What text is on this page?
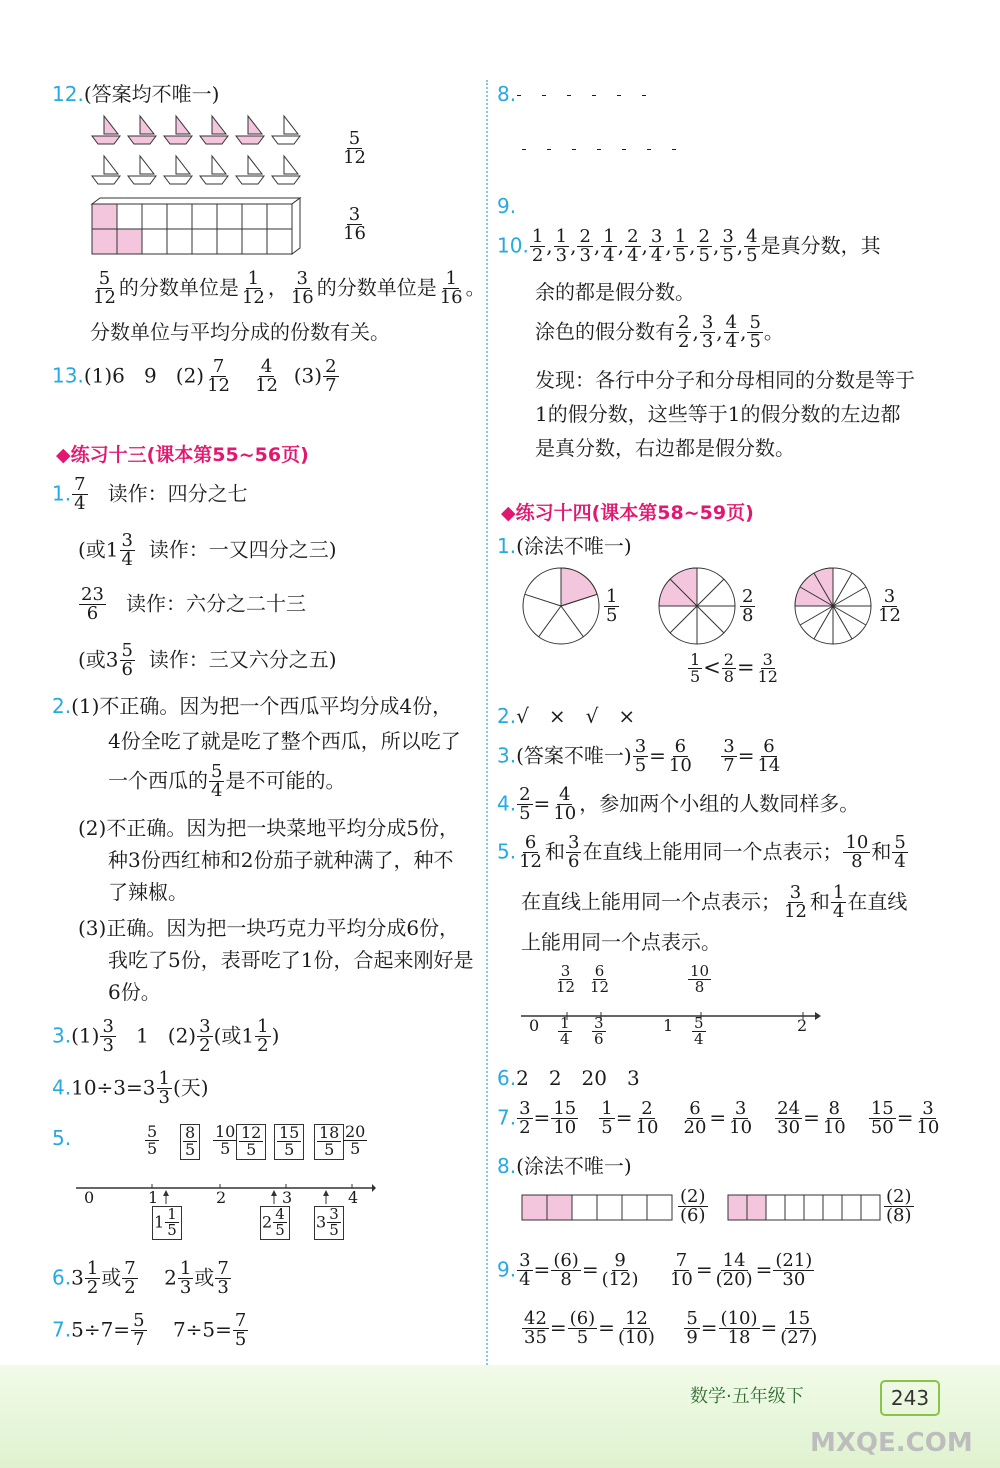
12.(答案均不唯一)
$\frac{5}{12}$
$\frac{3}{16}$
$\frac{5}{12}$ 的分数单位是 $\frac{1}{12}$ ， $\frac{3}{16}$ 的分数单位是 $\frac{1}{16}$ 。
分数单位与平均分成的份数有关。
13.(1)6 9 $(2) \frac{7}{12}$
$\frac{4}{12} (3) \frac{2}{7}$
◆练习十三(课本第55~56页)
1. $\frac{7}{4}$ 读作：四分之七
(或$1 \frac{3}{4}$ 读作：一又四分之三)
$\frac{23}{6}$ 读作：六分之二十三
(或$3 \frac{5}{6}$ 读作：三又六分之五)
2.(1)不正确。因为把一个西瓜平均分成4份，
4份全吃了就是吃了整个西瓜，所以吃了
一个西瓜的 $\frac{5}{4}$ 是不可能的。
(2)不正确。因为把一块菜地平均分成5份，
种3份西红柿和2份茄子就种满了，种不
了辣椒。
(3)正确。因为把一块巧克力平均分成6份，
我吃了5份，表哥吃了1份，合起来刚好是
6份。
$3.(1) \frac{3}{3} 1$ $(2) \frac{3}{2}$ (或$1 \frac{1}{2}$ )
$4.10\div 3=3 \frac{1}{3}$ (天)
5.
0	1	2	3	4
$\frac{5}{5} \frac{8}{5} \frac{10}{5} \frac{12}{5} \frac{15}{5} \frac{18}{5} \frac{20}{5}$
$1 \frac{1}{5}$	$2 \frac{4}{5} 3 \frac{3}{5}$
$6.3 \frac{1}{2}$ 或 $\frac{7}{2} 2 \frac{1}{3}$ 或 $\frac{7}{3}$
$7.5\div 7= \frac{5}{7} 7\div 5= \frac{7}{5}$
8.

9.
10. $\frac{1}{2}$ , $\frac{1}{3}$ , $\frac{2}{3}$ , $\frac{1}{4}$ , $\frac{2}{4}$ , $\frac{3}{4}$ , $\frac{1}{5}$ , $\frac{2}{5}$ , $\frac{3}{5}$ , $\frac{4}{5}$ 是真分数，其
余的都是假分数。
涂色的假分数有 $\frac{2}{2}$ , $\frac{3}{3}$ , $\frac{4}{4}$ , $\frac{5}{5}$ 。
发现：各行中分子和分母相同的分数是等于
1的假分数，这些等于1的假分数的左边都
是真分数，右边都是假分数。
◆练习十四(课本第58~59页)
1.(涂法不唯一)
$\frac{1}{5}$	$\frac{2}{8}$	$\frac{3}{12}$
$\frac{1}{5} < \frac{2}{8} = \frac{3}{12}$
2.√　×　√　×
3.(答案不唯一) $\frac{3}{5} = \frac{6}{10}$
$\frac{3}{7} = \frac{6}{14}$
4. $\frac{2}{5} = \frac{4}{10}$ ，参加两个小组的人数同样多。
5. $\frac{6}{12}$ 和 $\frac{3}{6}$ 在直线上能用同一个点表示； $\frac{10}{8}$ 和 $\frac{5}{4}$
在直线上能用同一个点表示； $\frac{3}{12}$ 和 $\frac{1}{4}$ 在直线
上能用同一个点表示。
0	1	2
$\frac{3}{12} \frac{6}{12}$	$\frac{10}{8}$
$\frac{1}{4} \frac{3}{6}$	$\frac{5}{4}$
6.2　2　20　3
7. $\frac{3}{2} = \frac{15}{10}$
$\frac{1}{5} = \frac{2}{10}$
$\frac{6}{20} = \frac{3}{10}$
$\frac{24}{30} = \frac{8}{10}$
$\frac{15}{50} = \frac{3}{10}$
8.(涂法不唯一)
$\frac{(2)}{(6)}$	$\frac{(2)}{(8)}$
9. $\frac{3}{4} = \frac{(6)}{8} = \frac{9}{(12)}$
$\frac{7}{10} = \frac{14}{(20)} = \frac{(21)}{30}$
$\frac{42}{35} = \frac{(6)}{5} = \frac{12}{(10)}$
$\frac{5}{9} = \frac{(10)}{18} = \frac{15}{(27)}$
数学·五年级下	243
MXQE.COM
